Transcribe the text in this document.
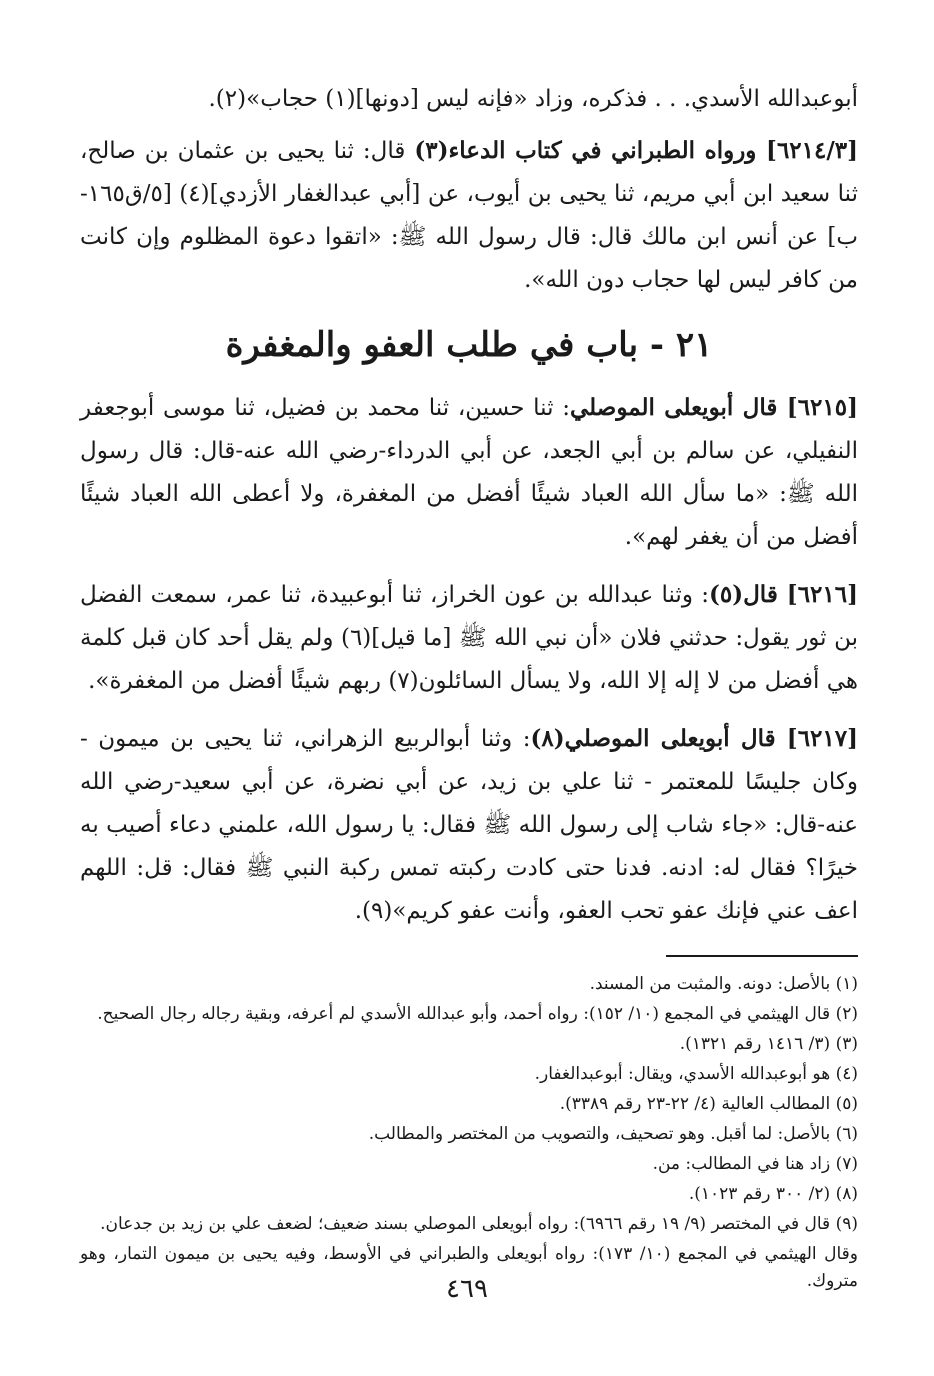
أبوعبدالله الأسدي. . . فذكره، وزاد «فإنه ليس [دونها](١) حجاب»(٢).

[٦٢١٤/٣] ورواه الطبراني في كتاب الدعاء(٣) قال: ثنا يحيى بن عثمان بن صالح، ثنا سعيد ابن أبي مريم، ثنا يحيى بن أيوب، عن [أبي عبدالغفار الأزدي](٤) [٥/ق١٦٥-ب] عن أنس ابن مالك قال: قال رسول الله ﷺ: «اتقوا دعوة المظلوم وإن كانت من كافر ليس لها حجاب دون الله».

٢١ - باب في طلب العفو والمغفرة

[٦٢١٥] قال أبويعلى الموصلي: ثنا حسين، ثنا محمد بن فضيل، ثنا موسى أبوجعفر النفيلي، عن سالم بن أبي الجعد، عن أبي الدرداء-رضي الله عنه-قال: قال رسول الله ﷺ: «ما سأل الله العباد شيئًا أفضل من المغفرة، ولا أعطى الله العباد شيئًا أفضل من أن يغفر لهم».

[٦٢١٦] قال(٥): وثنا عبدالله بن عون الخراز، ثنا أبوعبيدة، ثنا عمر، سمعت الفضل بن ثور يقول: حدثني فلان «أن نبي الله ﷺ [ما قيل](٦) ولم يقل أحد كان قبل كلمة هي أفضل من لا إله إلا الله، ولا يسأل السائلون(٧) ربهم شيئًا أفضل من المغفرة».

[٦٢١٧] قال أبويعلى الموصلي(٨): وثنا أبوالربيع الزهراني، ثنا يحيى بن ميمون - وكان جليسًا للمعتمر - ثنا علي بن زيد، عن أبي نضرة، عن أبي سعيد-رضي الله عنه-قال: «جاء شاب إلى رسول الله ﷺ فقال: يا رسول الله، علمني دعاء أصيب به خيرًا؟ فقال له: ادنه. فدنا حتى كادت ركبته تمس ركبة النبي ﷺ فقال: قل: اللهم اعف عني فإنك عفو تحب العفو، وأنت عفو كريم»(٩).

(١) بالأصل: دونه. والمثبت من المسند.

(٢) قال الهيثمي في المجمع (١٠/ ١٥٢): رواه أحمد، وأبو عبدالله الأسدي لم أعرفه، وبقية رجاله رجال الصحيح.

(٣) (٣/ ١٤١٦ رقم ١٣٢١).

(٤) هو أبوعبدالله الأسدي، ويقال: أبوعبدالغفار.

(٥) المطالب العالية (٤/ ٢٢-٢٣ رقم ٣٣٨٩).

(٦) بالأصل: لما أقبل. وهو تصحيف، والتصويب من المختصر والمطالب.

(٧) زاد هنا في المطالب: من.

(٨) (٢/ ٣٠٠ رقم ١٠٢٣).

(٩) قال في المختصر (٩/ ١٩ رقم ٦٩٦٦): رواه أبويعلى الموصلي بسند ضعيف؛ لضعف علي بن زيد بن جدعان.

وقال الهيثمي في المجمع (١٠/ ١٧٣): رواه أبويعلى والطبراني في الأوسط، وفيه يحيى بن ميمون التمار، وهو متروك.

٤٦٩
